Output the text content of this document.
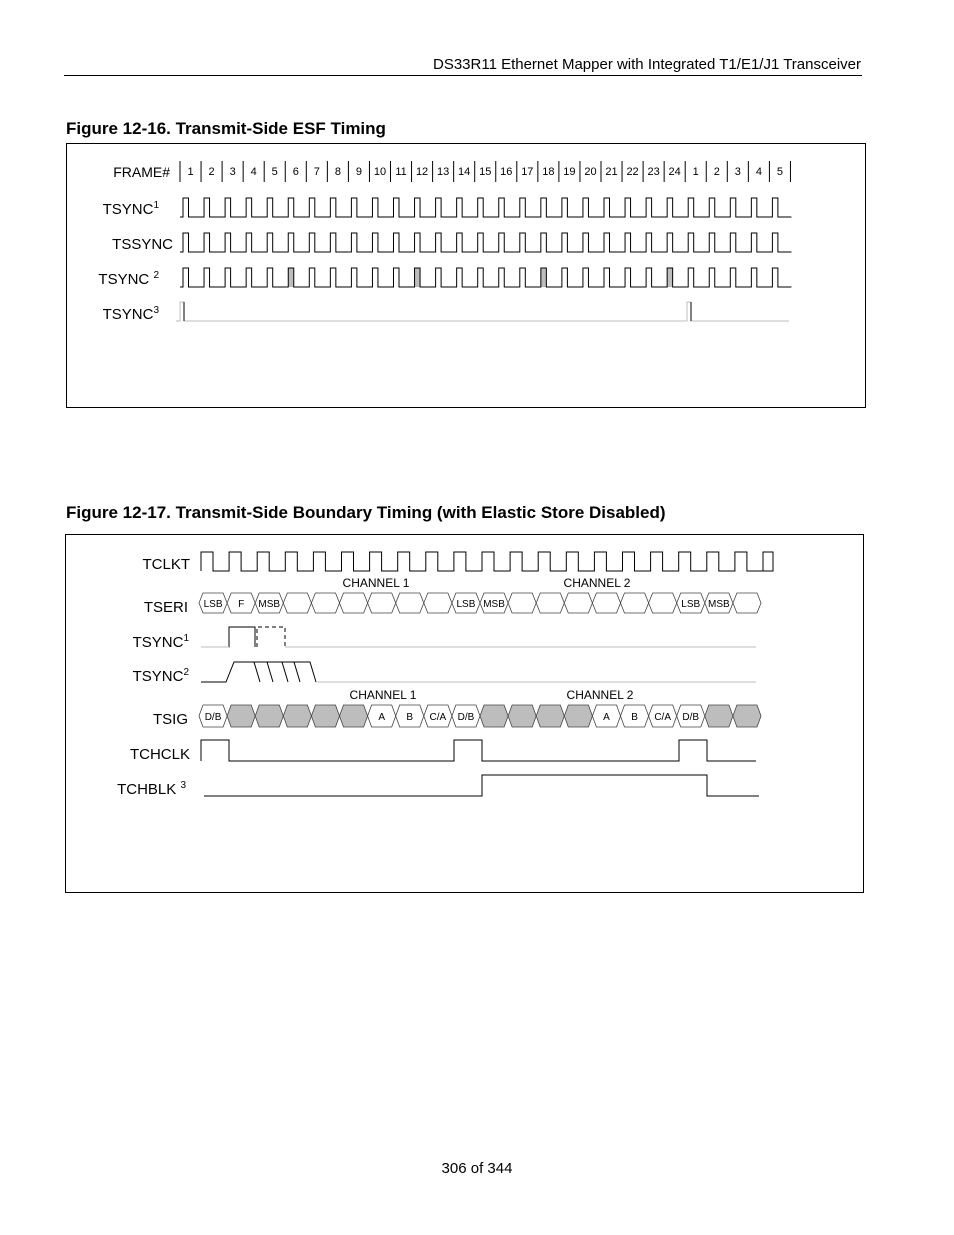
DS33R11 Ethernet Mapper with Integrated T1/E1/J1 Transceiver
Figure 12-16. Transmit-Side ESF Timing
FRAME# 1 2 3 4 5 6 7 8 9 10 11 12 13 14 15 16 17 18 19 20 21 22 23 24 1 2 3 4 5
TSYNC$^1$
TSSYNC
TSYNC $^2$
TSYNC$^3$
Figure 12-17. Transmit-Side Boundary Timing (with Elastic Store Disabled)
TCLKT
TSERI
TSYNC$^1$
TSYNC$^2$
TSIG
TCHCLK
TCHBLK $^3$
CHANNEL 1	CHANNEL 2
LSB F MSB	LSB MSB	LSB MSB
CHANNEL 1	CHANNEL 2
D/B	A B C/A D/B	A B C/A D/B
306 of 344
